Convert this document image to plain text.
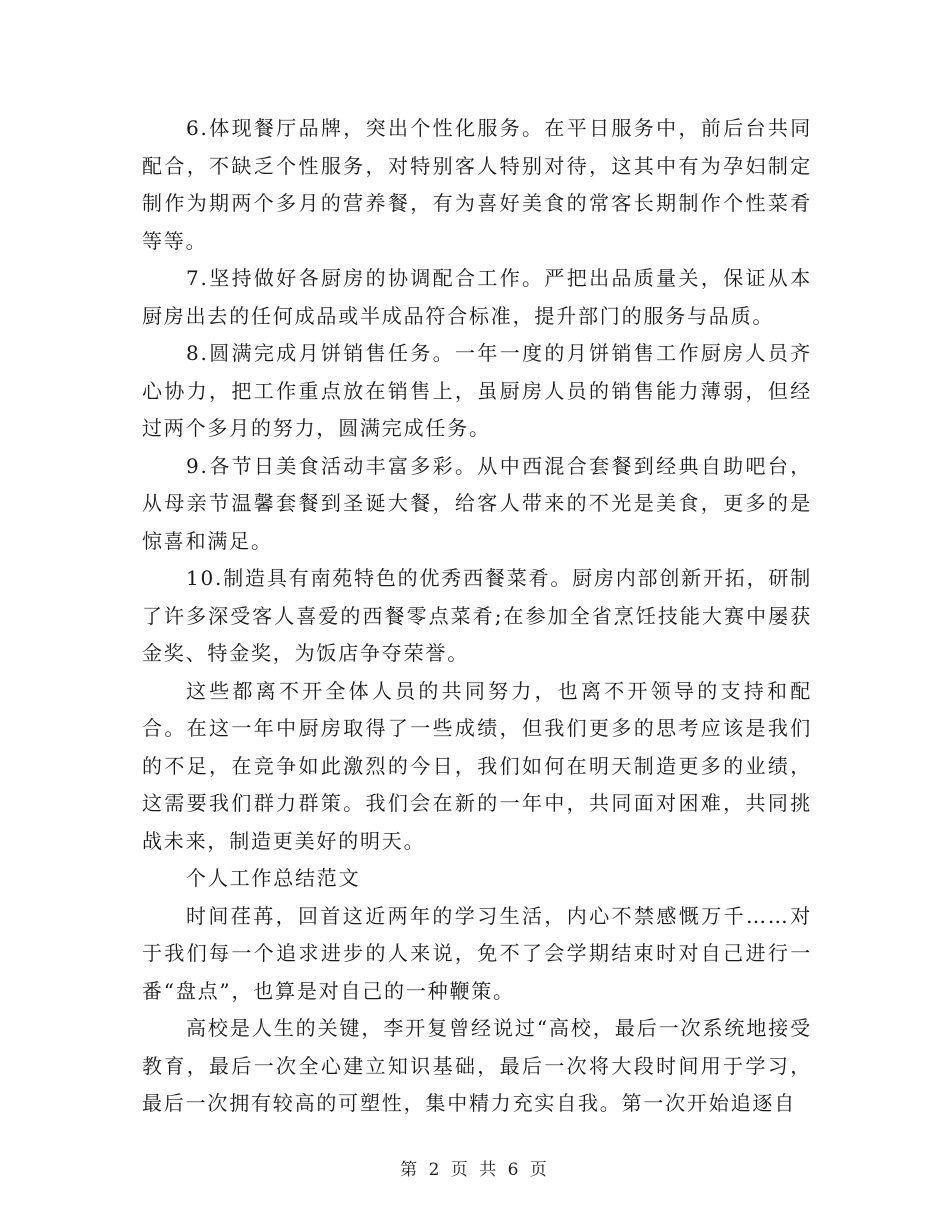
6.体现餐厅品牌，突出个性化服务。在平日服务中，前后台共同配合，不缺乏个性服务，对特别客人特别对待，这其中有为孕妇制定制作为期两个多月的营养餐，有为喜好美食的常客长期制作个性菜肴等等。

7.坚持做好各厨房的协调配合工作。严把出品质量关，保证从本厨房出去的任何成品或半成品符合标准，提升部门的服务与品质。

8.圆满完成月饼销售任务。一年一度的月饼销售工作厨房人员齐心协力，把工作重点放在销售上，虽厨房人员的销售能力薄弱，但经过两个多月的努力，圆满完成任务。

9.各节日美食活动丰富多彩。从中西混合套餐到经典自助吧台，从母亲节温馨套餐到圣诞大餐，给客人带来的不光是美食，更多的是惊喜和满足。

10.制造具有南苑特色的优秀西餐菜肴。厨房内部创新开拓，研制了许多深受客人喜爱的西餐零点菜肴;在参加全省烹饪技能大赛中屡获金奖、特金奖，为饭店争夺荣誉。

这些都离不开全体人员的共同努力，也离不开领导的支持和配合。在这一年中厨房取得了一些成绩，但我们更多的思考应该是我们的不足，在竞争如此激烈的今日，我们如何在明天制造更多的业绩，这需要我们群力群策。我们会在新的一年中，共同面对困难，共同挑战未来，制造更美好的明天。

个人工作总结范文

时间荏苒，回首这近两年的学习生活，内心不禁感慨万千……对于我们每一个追求进步的人来说，免不了会学期结束时对自己进行一番“盘点”，也算是对自己的一种鞭策。

高校是人生的关键，李开复曾经说过“高校，最后一次系统地接受教育，最后一次全心建立知识基础，最后一次将大段时间用于学习，最后一次拥有较高的可塑性，集中精力充实自我。第一次开始追逐自

第 2 页 共 6 页
